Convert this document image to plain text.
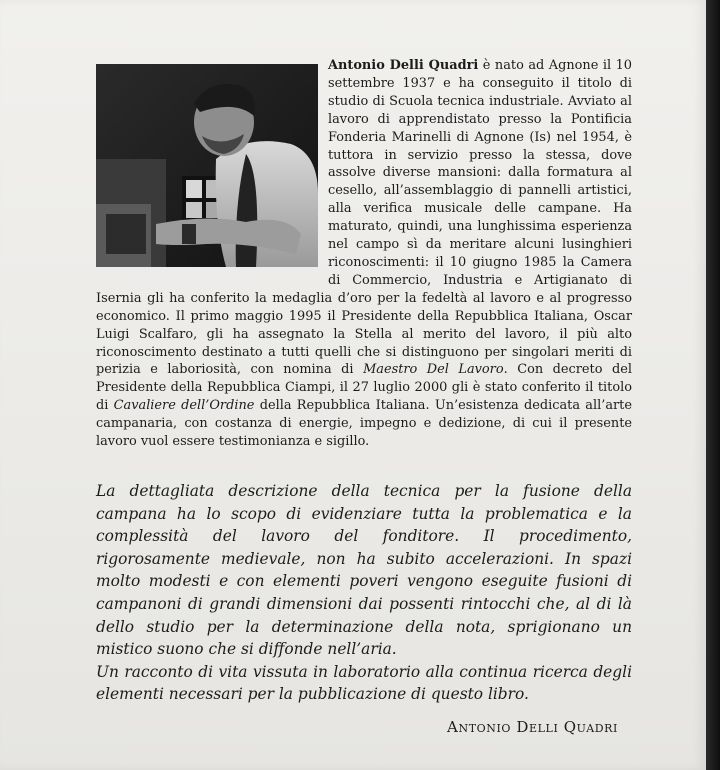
Antonio Delli Quadri è nato ad Agnone il 10 settembre 1937 e ha conseguito il titolo di studio di Scuola tecnica industriale. Avviato al lavoro di apprendistato presso la Pontificia Fonderia Marinelli di Agnone (Is) nel 1954, è tuttora in servizio presso la stessa, dove assolve diverse mansioni: dalla formatura al cesello, all’assemblaggio di pannelli artistici, alla verifica musicale delle campane. Ha maturato, quindi, una lunghissima esperienza nel campo sì da meritare alcuni lusinghieri riconoscimenti: il 10 giugno 1985 la Camera di Commercio, Industria e Artigianato di Isernia gli ha conferito la medaglia d’oro per la fedeltà al lavoro e al progresso economico. Il primo maggio 1995 il Presidente della Repubblica Italiana, Oscar Luigi Scalfaro, gli ha assegnato la Stella al merito del lavoro, il più alto riconoscimento destinato a tutti quelli che si distinguono per singolari meriti di perizia e laboriosità, con nomina di Maestro Del Lavoro. Con decreto del Presidente della Repubblica Ciampi, il 27 luglio 2000 gli è stato conferito il titolo di Cavaliere dell’Ordine della Repubblica Italiana. Un’esistenza dedicata all’arte campanaria, con costanza di energie, impegno e dedizione, di cui il presente lavoro vuol essere testimonianza e sigillo.

La dettagliata descrizione della tecnica per la fusione della campana ha lo scopo di evidenziare tutta la problematica e la complessità del lavoro del fonditore. Il procedimento, rigorosamente medievale, non ha subito accelerazioni. In spazi molto modesti e con elementi poveri vengono eseguite fusioni di campanoni di grandi dimensioni dai possenti rintocchi che, al di là dello studio per la determinazione della nota, sprigionano un mistico suono che si diffonde nell’aria.

Un racconto di vita vissuta in laboratorio alla continua ricerca degli elementi necessari per la pubblicazione di questo libro.

Antonio Delli Quadri
